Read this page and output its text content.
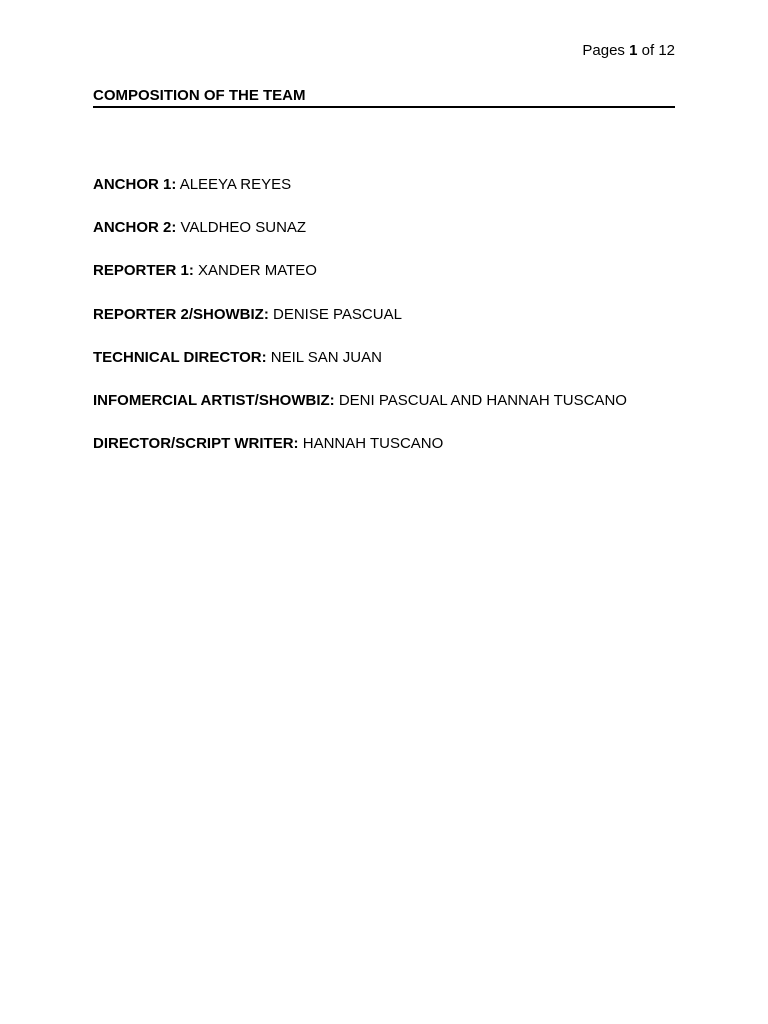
Pages 1 of 12
COMPOSITION OF THE TEAM
ANCHOR 1: ALEEYA REYES
ANCHOR 2: VALDHEO SUNAZ
REPORTER 1: XANDER MATEO
REPORTER 2/SHOWBIZ: DENISE PASCUAL
TECHNICAL DIRECTOR: NEIL SAN JUAN
INFOMERCIAL ARTIST/SHOWBIZ: DENI PASCUAL AND HANNAH TUSCANO
DIRECTOR/SCRIPT WRITER: HANNAH TUSCANO
